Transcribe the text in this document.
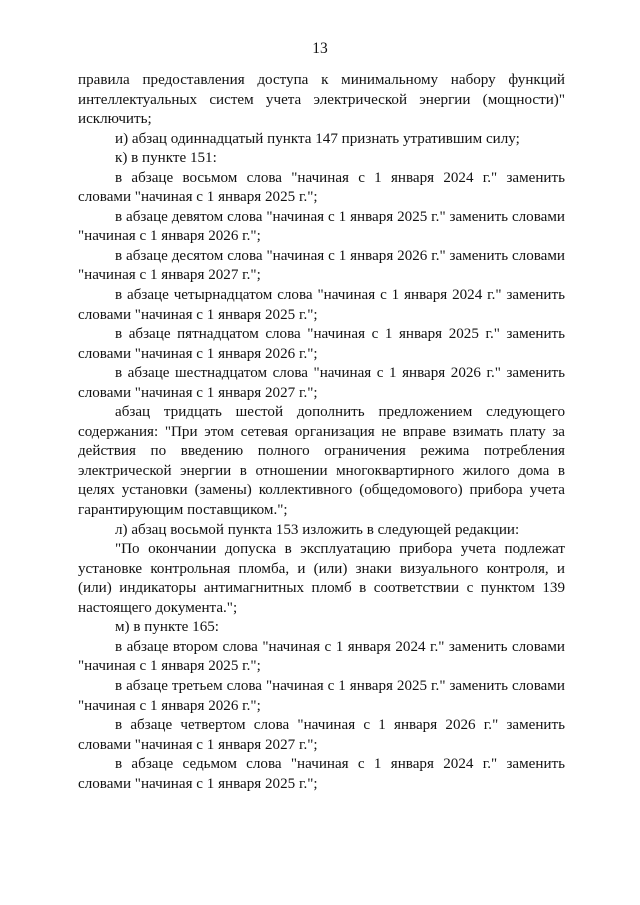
13

правила предоставления доступа к минимальному набору функций интеллектуальных систем учета электрической энергии (мощности)" исключить;

и) абзац одиннадцатый пункта 147 признать утратившим силу;

к) в пункте 151:

в абзаце восьмом слова "начиная с 1 января 2024 г." заменить словами "начиная с 1 января 2025 г.";

в абзаце девятом слова "начиная с 1 января 2025 г." заменить словами "начиная с 1 января 2026 г.";

в абзаце десятом слова "начиная с 1 января 2026 г." заменить словами "начиная с 1 января 2027 г.";

в абзаце четырнадцатом слова "начиная с 1 января 2024 г." заменить словами "начиная с 1 января 2025 г.";

в абзаце пятнадцатом слова "начиная с 1 января 2025 г." заменить словами "начиная с 1 января 2026 г.";

в абзаце шестнадцатом слова "начиная с 1 января 2026 г." заменить словами "начиная с 1 января 2027 г.";

абзац тридцать шестой дополнить предложением следующего содержания: "При этом сетевая организация не вправе взимать плату за действия по введению полного ограничения режима потребления электрической энергии в отношении многоквартирного жилого дома в целях установки (замены) коллективного (общедомового) прибора учета гарантирующим поставщиком.";

л) абзац восьмой пункта 153 изложить в следующей редакции:

"По окончании допуска в эксплуатацию прибора учета подлежат установке контрольная пломба, и (или) знаки визуального контроля, и (или) индикаторы антимагнитных пломб в соответствии с пунктом 139 настоящего документа.";

м) в пункте 165:

в абзаце втором слова "начиная с 1 января 2024 г." заменить словами "начиная с 1 января 2025 г.";

в абзаце третьем слова "начиная с 1 января 2025 г." заменить словами "начиная с 1 января 2026 г.";

в абзаце четвертом слова "начиная с 1 января 2026 г." заменить словами "начиная с 1 января 2027 г.";

в абзаце седьмом слова "начиная с 1 января 2024 г." заменить словами "начиная с 1 января 2025 г.";
